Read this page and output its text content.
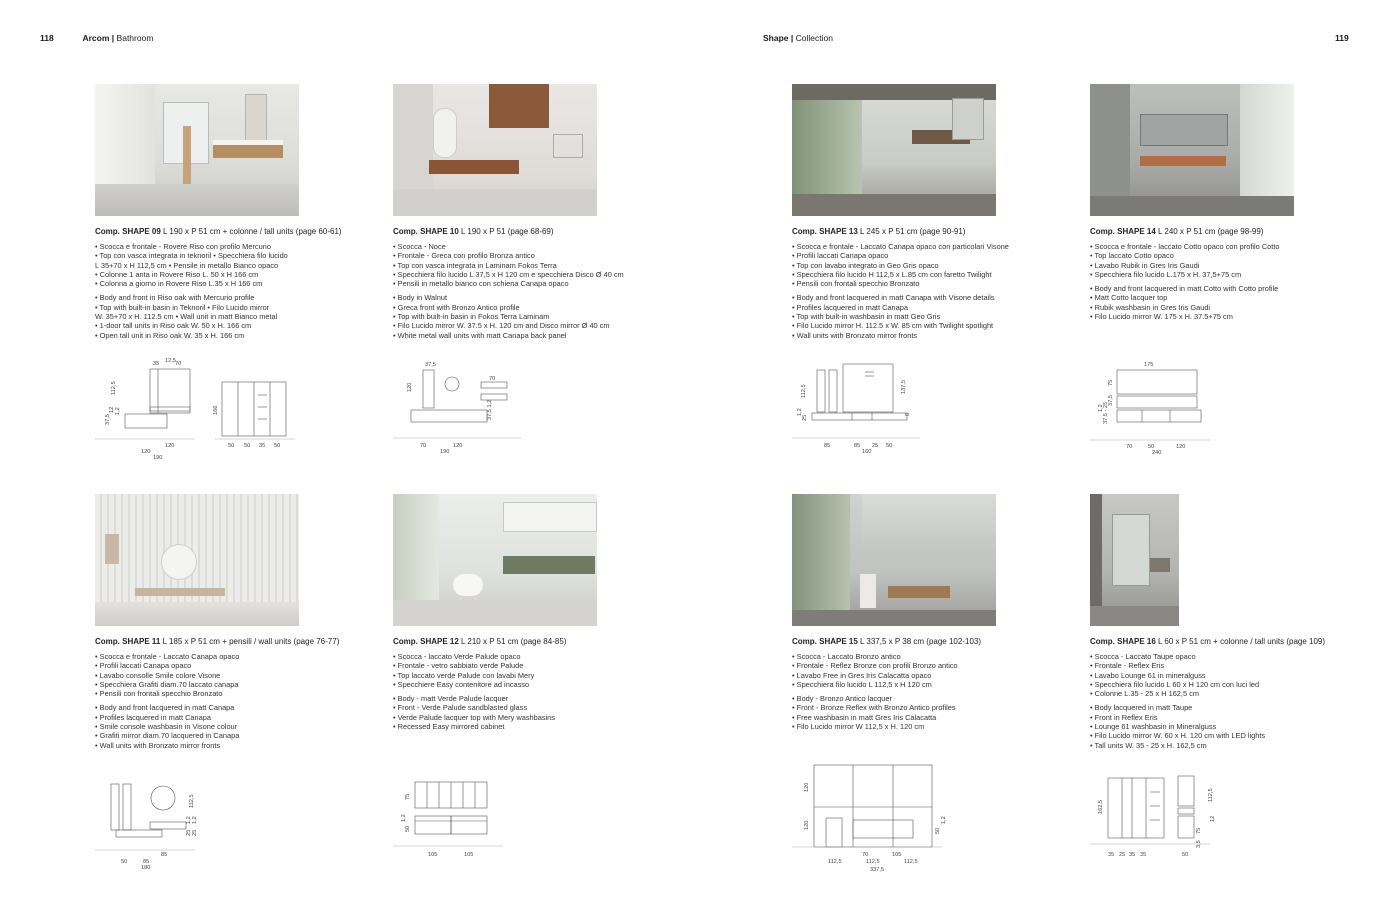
118	Arcom | Bathroom	Shape | Collection	119
Comp. SHAPE 09 L 190 x P 51 cm + colonne / tall units (page 60-61)
• Scocca e frontale - Rovere Riso con profilo Mercurio
• Top con vasca integrata in teknoril • Specchiera filo lucido
L 35+70 x H 112,5 cm • Pensile in metallo Bianco opaco
• Colonne 1 anta in Rovere Riso L. 50 x H 166 cm
• Colonna a giorno in Rovere Riso L.35 x H 166 cm
• Body and front in Riso oak with Mercurio profile
• Top with built-in basin in Teknoril • Filo Lucido mirror
W. 35+70 x H. 112.5 cm • Wall unit in matt Bianco metal
• 1-door tall units in Riso oak W. 50 x H. 166 cm
• Open tall unit in Riso oak W. 35 x H. 166 cm
35 12,5 70
112,5
37,5
12 1,2	166
120
120
190
50 50 35 50
Comp. SHAPE 10 L 190 x P 51 (page 68-69)
• Scocca - Noce
• Frontale - Greca con profilo Bronza antico
• Top con vasca integrata in Laminam Fokos Terra
• Specchiera filo lucido L 37,5 x H 120 cm e specchiera Disco Ø 40 cm
• Pensili in metallo bianco con schiena Canapa opaco
• Body in Walnut
• Greca front with Bronzo Antico profile
• Top with built-in basin in Fokos Terra Laminam
• Filo Lucido mirror W. 37.5 x H. 120 cm and Disco mirror Ø 40 cm
• White metal wall units with matt Canapa back panel
37,5
120
70
37,5 1,2
70	120
190
Comp. SHAPE 13 L 245 x P 51 cm (page 90-91)
• Scocca e frontale - Laccato Canapa opaco con particolari Visone
• Profili laccati Canapa opaco
• Top con lavabo integrato in Geo Gris opaco
• Specchiera filo lucido H 112,5 x L.85 cm con faretto Twilight
• Pensili con frontali specchio Bronzato
• Body and front lacquered in matt Canapa with Visone details
• Profiles lacquered in matt Canapa
• Top with built-in washbasin in matt Geo Gris
• Filo Lucido mirror H. 112.5 x W. 85 cm with Twilight spotlight
• Wall units with Bronzato mirror fronts
112,5	137,5
1,2
25
6
85	85 25 50
160
Comp. SHAPE 14 L 240 x P 51 cm (page 98-99)
• Scocca e frontale - laccato Cotto opaco con profilo Cotto
• Top laccato Cotto opaco
• Lavabo Rubik in Gres Iris Gaudi
• Specchiera filo lucido L.175 x H. 37,5+75 cm
• Body and front lacquered in matt Cotto with Cotto profile
• Matt Cotto lacquer top
• Rubik washbasin in Gres Iris Gaudi
• Filo Lucido mirror W. 175 x H. 37.5+75 cm
175
75
37,5
1,2 37,5 - 25
70	50	120
240
Comp. SHAPE 11 L 185 x P 51 cm + pensili / wall units (page 76-77)
• Scocca e frontale - Laccato Canapa opaco
• Profili laccati Canapa opaco
• Lavabo consolle Smile colore Visone
• Specchiera Grafiti diam.70 laccato canapa
• Pensili con frontali specchio Bronzato
• Body and front lacquered in matt Canapa
• Profiles lacquered in matt Canapa
• Smile console washbasin in Visone colour
• Grafiti mirror diam.70 lacquered in Canapa
• Wall units with Bronzato mirror fronts
112,5
1,2 1,2
25 25
85
50	85
180
Comp. SHAPE 12 L 210 x P 51 cm (page 84-85)
• Scocca - laccato Verde Palude opaco
• Frontale - vetro sabbiato verde Palude
• Top laccato verde Palude con lavabi Mery
• Specchiere Easy contenitore ad incasso
• Body - matt Verde Palude lacquer
• Front - Verde Palude sandblasted glass
• Verde Palude lacquer top with Mery washbasins
• Recessed Easy mirrored cabinet
75
1,2
50
105	105
Comp. SHAPE 15 L 337,5 x P 38 cm (page 102-103)
• Scocca - Laccato Bronzo antico
• Frontale - Reflez Bronze con profili Bronzo antico
• Lavabo Free in Gres Iris Calacatta opaco
• Specchiera filo lucido L 112,5 x H 120 cm
• Body - Bronzo Antico lacquer
• Front - Bronze Reflex with Bronzo Antico profiles
• Free washbasin in matt Gres Iris Calacatta
• Filo Lucido mirror W 112,5 x H. 120 cm
120
120
50
1,2
70	105
112,5	112,5	112,5
337,5
Comp. SHAPE 16 L 60 x P 51 cm + colonne / tall units (page 109)
• Scocca - Laccato Taupe opaco
• Frontale - Reflex Eris
• Lavabo Lounge 61 in mineralguss
• Specchiera filo lucido L 60 x H 120 cm con luci led
• Colonne L.35 - 25 x H 162,5 cm
• Body lacquered in matt Taupe
• Front in Reflex Eris
• Lounge 61 washbasin in Mineralguss
• Filo Lucido mirror W. 60 x H. 120 cm with LED lights
• Tall units W. 35 - 25 x H. 162,5 cm
162,5
112,5
12
75
3,5
35 25 35 35	50
